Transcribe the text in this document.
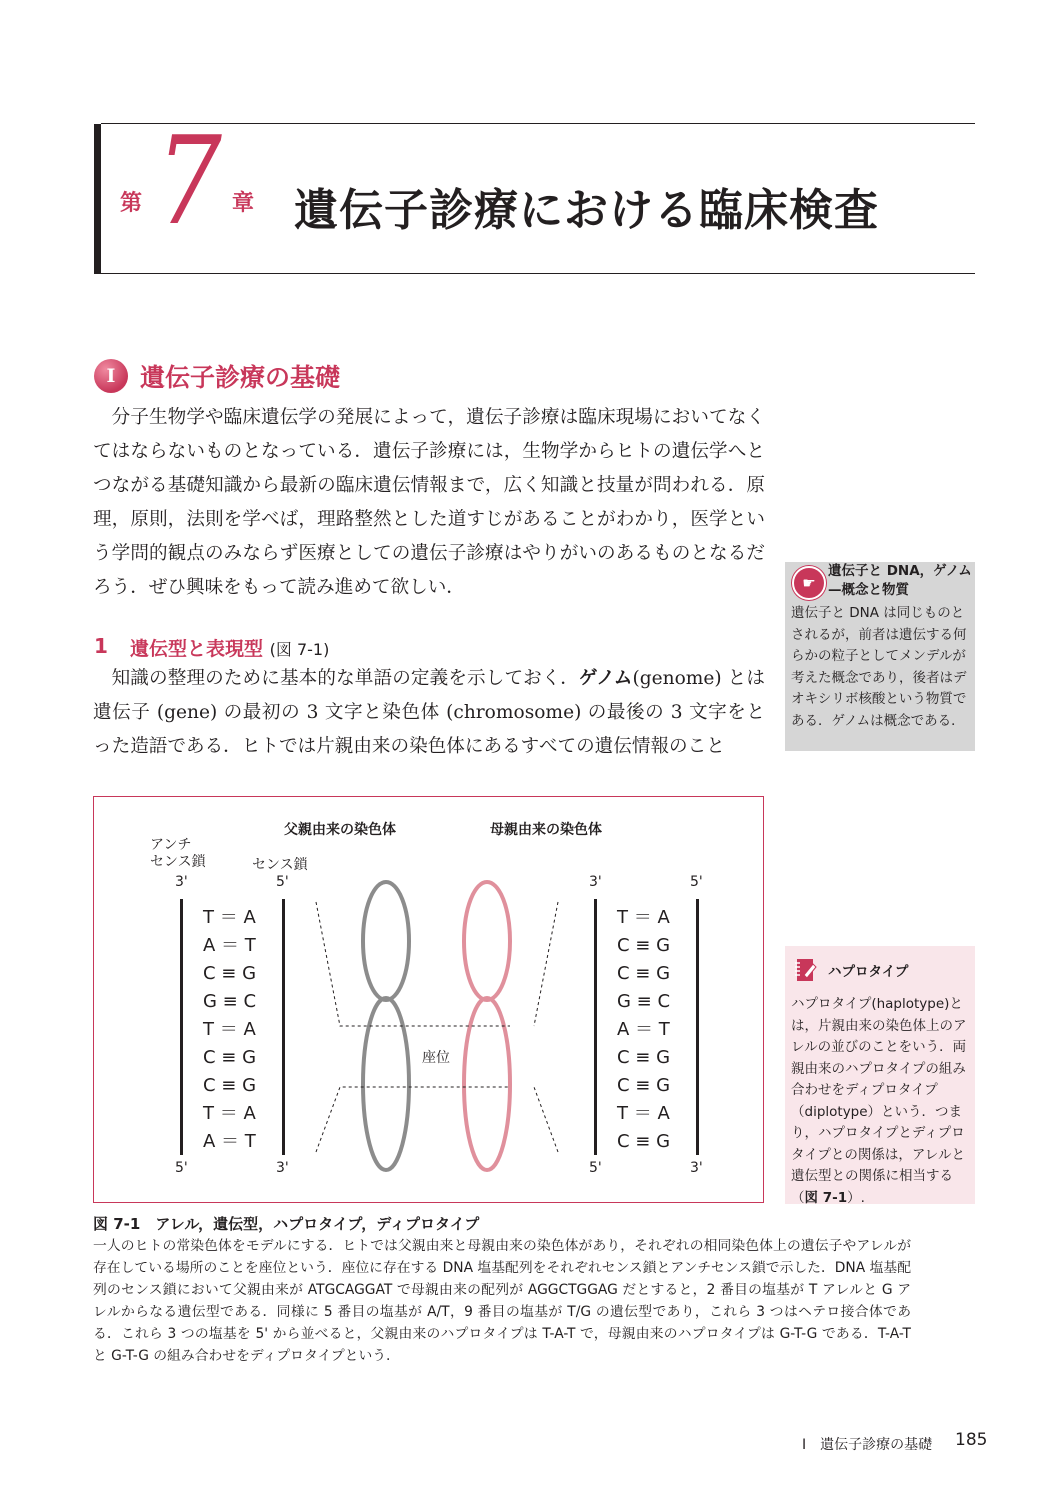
第 7 章 遺伝子診療における臨床検査
I 遺伝子診療の基礎
分子生物学や臨床遺伝学の発展によって，遺伝子診療は臨床現場においてなくてはならないものとなっている．遺伝子診療には，生物学からヒトの遺伝学へとつながる基礎知識から最新の臨床遺伝情報まで，広く知識と技量が問われる．原理，原則，法則を学べば，理路整然とした道すじがあることがわかり，医学という学問的観点のみならず医療としての遺伝子診療はやりがいのあるものとなるだろう．ぜひ興味をもって読み進めて欲しい．
1 遺伝型と表現型 (図 7-1)
知識の整理のために基本的な単語の定義を示しておく．ゲノム(genome) とは遺伝子 (gene) の最初の 3 文字と染色体 (chromosome) の最後の 3 文字をとった造語である．ヒトでは片親由来の染色体にあるすべての遺伝情報のこと
☛
遺伝子と DNA，ゲノム—概念と物質
遺伝子と DNA は同じものとされるが，前者は遺伝する何らかの粒子としてメンデルが考えた概念であり，後者はデオキシリボ核酸という物質である．ゲノムは概念である．
ハプロタイプ
ハプロタイプ(haplotype)とは，片親由来の染色体上のアレルの並びのことをいう．両親由来のハプロタイプの組み合わせをディプロタイプ（diplotype）という．つまり，ハプロタイプとディプロタイプとの関係は，アレルと遺伝型との関係に相当する（図 7-1）.
父親由来の染色体	母親由来の染色体
アンチ
センス鎖	センス鎖
3'	5'
5'	3'
3'	5'
5'	3'
T ＝ A
A ＝ T
C ≡ G
G ≡ C
T ＝ A
C ≡ G
C ≡ G
T ＝ A
A ＝ T
T ＝ A
C ≡ G
C ≡ G
G ≡ C
A ＝ T
C ≡ G
C ≡ G
T ＝ A
C ≡ G
座位
図 7-1　アレル，遺伝型，ハプロタイプ，ディプロタイプ
一人のヒトの常染色体をモデルにする．ヒトでは父親由来と母親由来の染色体があり，それぞれの相同染色体上の遺伝子やアレルが存在している場所のことを座位という．座位に存在する DNA 塩基配列をそれぞれセンス鎖とアンチセンス鎖で示した．DNA 塩基配列のセンス鎖において父親由来が ATGCAGGAT で母親由来の配列が AGGCTGGAG だとすると，2 番目の塩基が T アレルと G アレルからなる遺伝型である．同様に 5 番目の塩基が A/T，9 番目の塩基が T/G の遺伝型であり，これら 3 つはヘテロ接合体である．これら 3 つの塩基を 5' から並べると，父親由来のハプロタイプは T-A-T で，母親由来のハプロタイプは G-T-G である．T-A-T と G-T-G の組み合わせをディプロタイプという.
I　遺伝子診療の基礎 185
